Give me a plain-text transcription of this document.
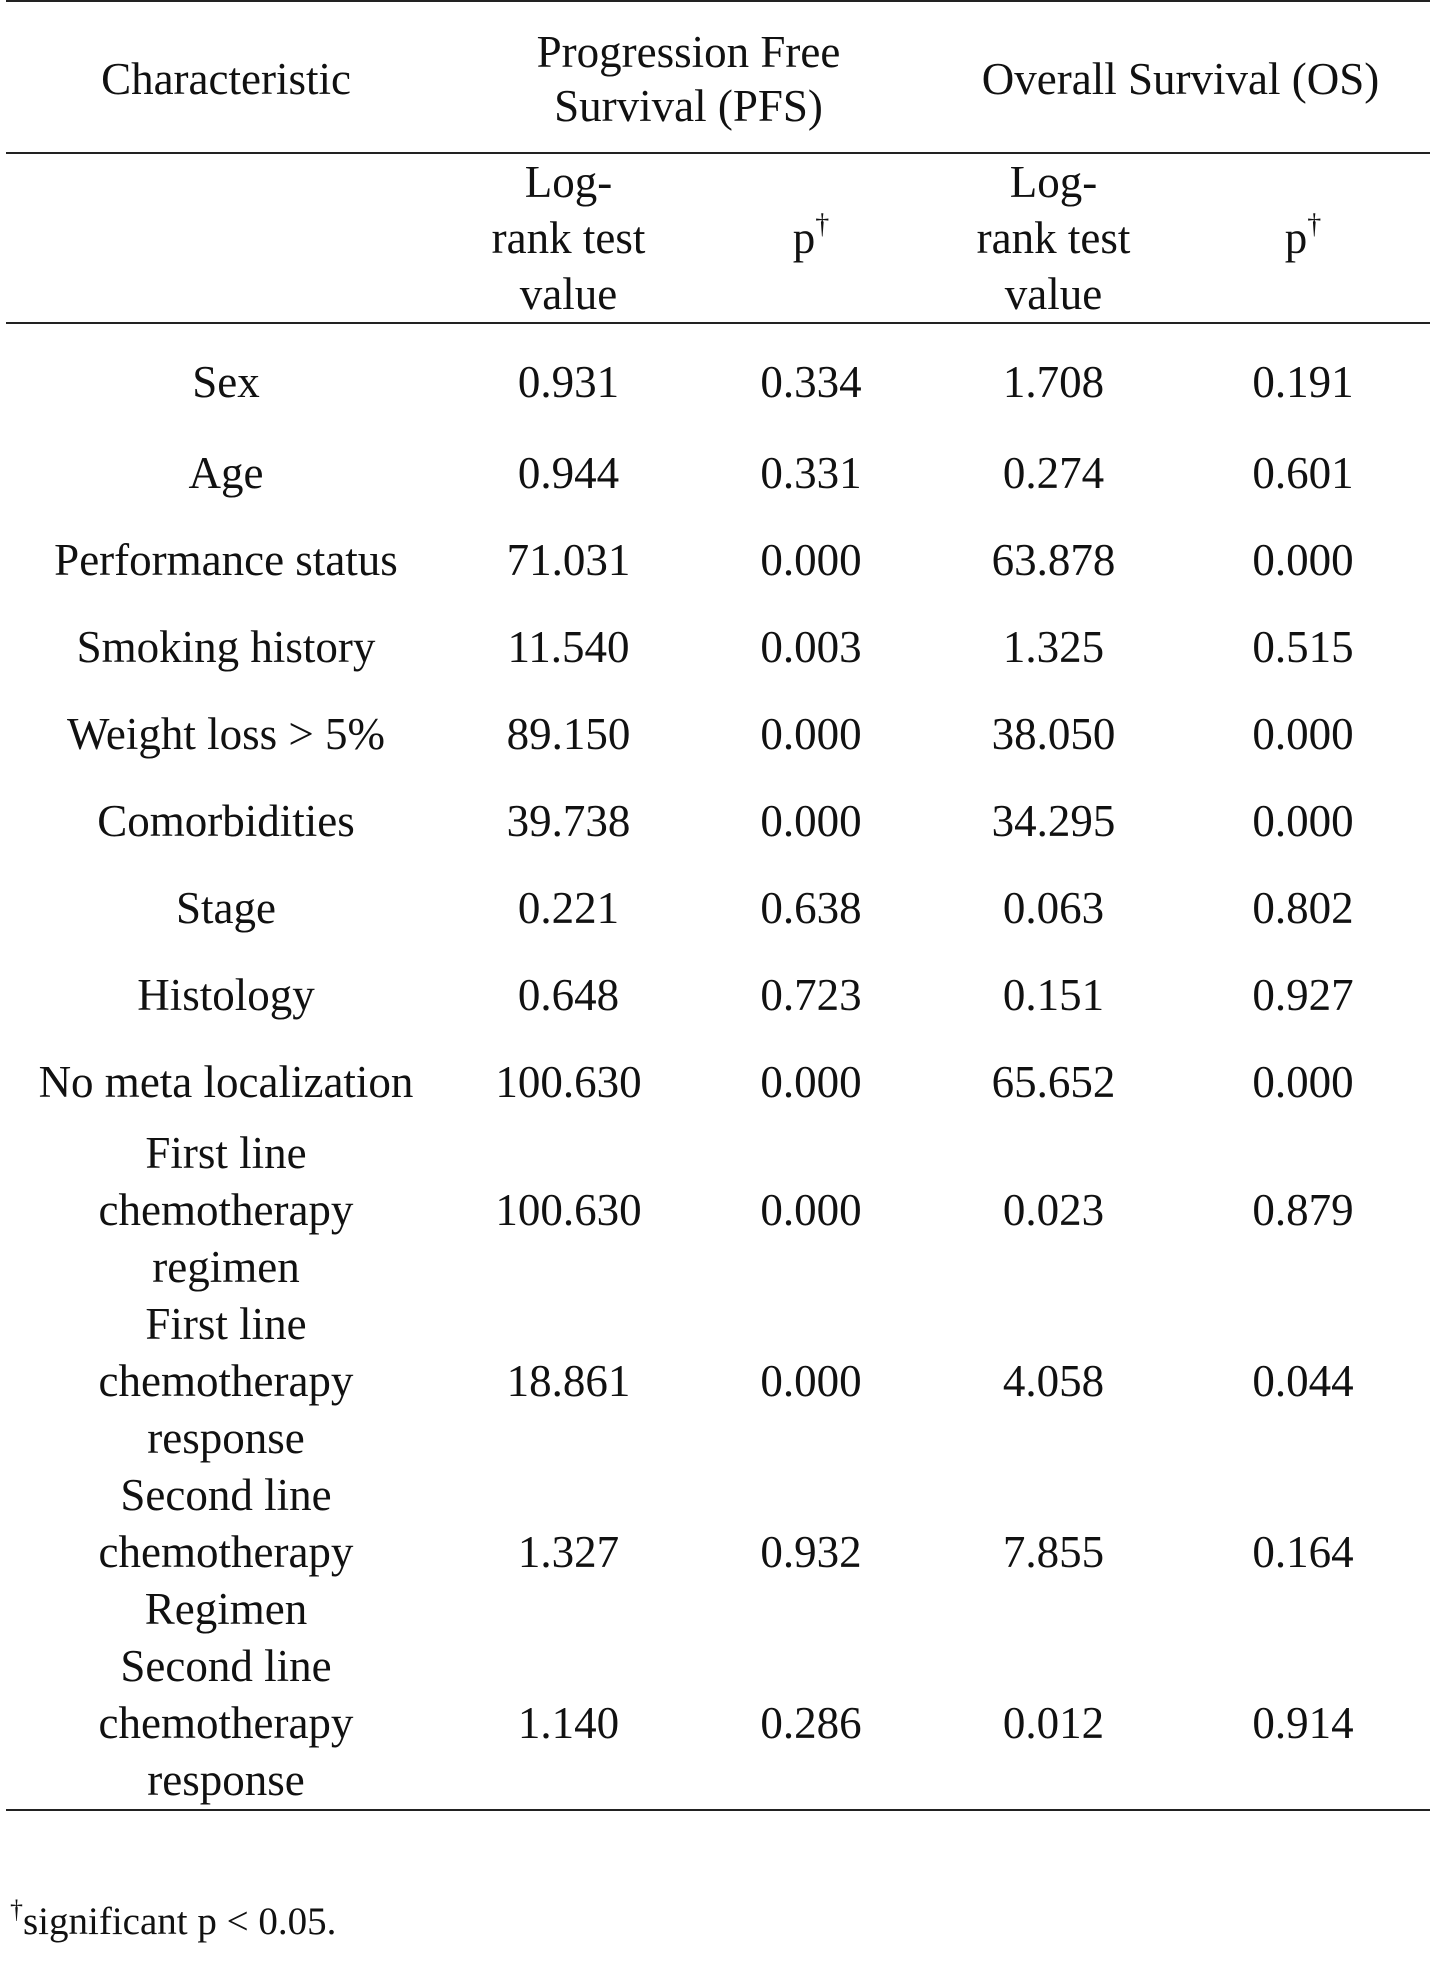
Characteristic	Progression Free Survival (PFS)		Overall Survival (OS)	
	Log-rank test value	p†	Log-rank test value	p†
Sex	0.931	0.334	1.708	0.191
Age	0.944	0.331	0.274	0.601
Performance status	71.031	0.000	63.878	0.000
Smoking history	11.540	0.003	1.325	0.515
Weight loss > 5%	89.150	0.000	38.050	0.000
Comorbidities	39.738	0.000	34.295	0.000
Stage	0.221	0.638	0.063	0.802
Histology	0.648	0.723	0.151	0.927
No meta localization	100.630	0.000	65.652	0.000
First line chemotherapy regimen	100.630	0.000	0.023	0.879
First line chemotherapy response	18.861	0.000	4.058	0.044
Second line chemotherapy Regimen	1.327	0.932	7.855	0.164
Second line chemotherapy response	1.140	0.286	0.012	0.914
†significant p < 0.05.
